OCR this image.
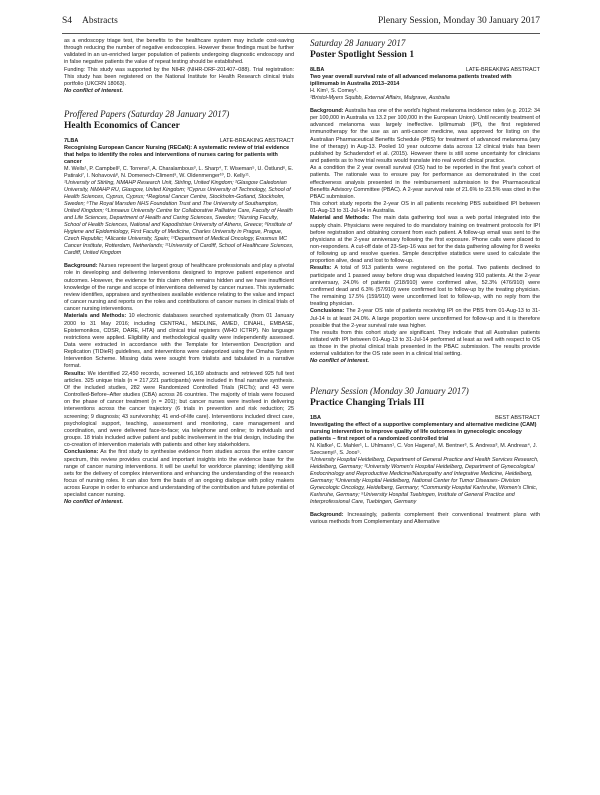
S4 Abstracts	Plenary Session, Monday 30 January 2017

as a endoscopy triage test, the benefits to the healthcare system may include cost-saving through reducing the number of negative endoscopies. However these findings must be further validated in an un-enriched larger population of patients undergoing diagnostic endoscopy and in false negative patients the value of repeat testing should be established.

Funding: This study was supported by the NIHR (NIHR-DRF-201407–088). Trial registration: This study has been registered on the National Institute for Health Research clinical trials portfolio (UKCRN 18063).

No conflict of interest.
Proffered Papers (Saturday 28 January 2017)
Health Economics of Cancer
7LBA	LATE-BREAKING ABSTRACT
Recognising European Cancer Nursing (RECaN): A systematic review of trial evidence that helps to identify the roles and interventions of nurses caring for patients with cancer
M. Wells¹, P. Campbell², C. Torrens², A. Charalambous³, L. Sharp⁴, T. Wiseman⁵, U. Östlund⁶, E. Patiraki⁷, I. Nohavová⁸, N. Domenech-Climent⁹, W. Oldenmenger¹⁰, D. Kelly¹¹.
¹University of Stirling, NMAHP Research Unit, Stirling, United Kingdom; ²Glasgow Caledonian University, NMAHP RU, Glasgow, United Kingdom; ³Cyprus University of Technology, School of Health Sciences, Cyprus, Cyprus; ⁴Regional Cancer Centre, Stockholm-Gotland, Stockholm, Sweden; ⁵The Royal Marsden NHS Foundation Trust and The University of Southampton, United Kingdom; ⁶Linnaeus University Centre for Collaborative Palliative Care, Faculty of Health and Life Sciences, Department of Health and Caring Sciences, Sweden; ⁷Nursing Faculty, School of Health Sciences, National and Kapodistrian University of Athens, Greece; ⁸Institute of Hygiene and Epidemiology, First Faculty of Medicine, Charles University in Prague, Prague, Czech Republic; ⁹Alicante University, Spain; ¹⁰Department of Medical Oncology, Erasmus MC Cancer Institute, Rotterdam, Netherlands; ¹¹University of Cardiff, School of Healthcare Sciences, Cardiff, United Kingdom

Background: Nurses represent the largest group of healthcare professionals and play a pivotal role in developing and delivering interventions designed to improve patient experience and outcomes. However, the evidence for this claim often remains hidden and we have insufficient knowledge of the range and scope of interventions delivered by cancer nurses. This systematic review identifies, appraises and synthesises available evidence relating to the value and impact of cancer nursing and reports on the roles and contributions of cancer nurses in clinical trials of cancer nursing interventions.

Materials and Methods: 10 electronic databases searched systematically (from 01 January 2000 to 31 May 2016; including CENTRAL, MEDLINE, AMED, CINAHL, EMBASE, Epistemonikos, CDSR, DARE, HTA) and clinical trial registers (WHO ICTRP). No language restrictions were applied. Eligibility and methodological quality were independently assessed. Data were extracted in accordance with the Template for Intervention Description and Replication (TIDieR) guidelines, and interventions were categorized using the Omaha System Intervention Scheme. Missing data were sought from trialists and tabulated in a narrative format.

Results: We identified 22,450 records, screened 16,169 abstracts and retrieved 925 full text articles. 325 unique trials (n = 217,221 participants) were included in final narrative synthesis. Of the included studies, 282 were Randomized Controlled Trials (RCTs); and 43 were Controlled-Before–After studies (CBA) across 26 countries. The majority of trials were focused on the phase of cancer treatment (n = 201); but cancer nurses were involved in delivering interventions across the cancer trajectory (6 trials in prevention and risk reduction; 25 screening; 9 diagnosis; 43 survivorship; 41 end-of-life care). Interventions included direct care, psychological support, teaching, assessment and monitoring, care management and coordination, and were delivered face-to-face; via telephone and online; to individuals and groups. 18 trials included active patient and public involvement in the trial design, including the co-creation of intervention materials with patients and other key stakeholders.

Conclusions: As the first study to synthesise evidence from studies across the entire cancer spectrum, this review provides crucial and important insights into the evidence base for the range of cancer nursing interventions. It will be useful for workforce planning; identifying skill sets for the delivery of complex interventions and enhancing the understanding of the research focus of nursing roles. It can also form the basis of an ongoing dialogue with policy makers across Europe in order to enhance and understanding of the contribution and future potential of specialist cancer nursing.

No conflict of interest.
Saturday 28 January 2017
Poster Spotlight Session 1
8LBA	LATE-BREAKING ABSTRACT
Two year overall survival rate of all advanced melanoma patients treated with ipilimumab in Australia 2013–2014
H. Kim¹, S. Comey¹.
¹Bristol-Myers Squibb, External Affairs, Mulgrave, Australia

Background: Australia has one of the world's highest melanoma incidence rates (e.g. 2012: 34 per 100,000 in Australia vs 13.2 per 100,000 in the European Union). Until recently treatment of advanced melanoma was largely ineffective. Ipilimumab (IPI), the first registered immunotherapy for the use as an anti-cancer medicine, was approved for listing on the Australian Pharmaceutical Benefits Schedule (PBS) for treatment of advanced melanoma (any line of therapy) in Aug-13. Pooled 10 year outcome data across 12 clinical trials has been published by Schadendorf et al. (2015). However there is still some uncertainty for clinicians and patients as to how trial results would translate into real world clinical practice.

As a condition the 2 year overall survival (OS) had to be reported in the first year's cohort of patients. The rationale was to ensure pay for performance as demonstrated in the cost effectiveness analysis presented in the reimbursement submission to the Pharmaceutical Benefits Advisory Committee (PBAC). A 2-year survival rate of 21.6% to 23.5% was cited in the PBAC submission.

This cohort study reports the 2-year OS in all patients receiving PBS subsidised IPI between 01-Aug-13 to 31-Jul-14 in Australia.

Material and Methods: The main data gathering tool was a web portal integrated into the supply chain. Physicians were required to do mandatory training on treatment protocols for IPI before registration and obtaining consent from each patient. A follow-up email was sent to the physicians at the 2-year anniversary following the first exposure. Phone calls were placed to non-responders. A cut-off date of 23-Sep-16 was set for the data gathering allowing for 8 weeks of following up and resolve queries. Simple descriptive statistics were used to calculate the proportion alive, dead and lost to follow-up.

Results: A total of 913 patients were registered on the portal. Two patients declined to participate and 1 passed away before drug was dispatched leaving 910 patients. At the 2-year anniversary, 24.0% of patients (218/910) were confirmed alive, 52.3% (476/910) were confirmed dead and 6.3% (57/910) were confirmed lost to follow-up by the treating physician. The remaining 17.5% (159/910) were unconfirmed lost to follow-up, with no reply from the treating physician.

Conclusions: The 2-year OS rate of patients receiving IPI on the PBS from 01-Aug-13 to 31-Jul-14 is at least 24.0%. A large proportion were unconfirmed for follow-up and it is therefore possible that the 2-year survival rate was higher.

The results from this cohort study are significant. They indicate that all Australian patients initiated with IPI between 01-Aug-13 to 31-Jul-14 performed at least as well with respect to OS as those in the pivotal clinical trials presented in the PBAC submission. The results provide external validation for the OS rate seen in a clinical trial setting.

No conflict of interest.
Plenary Session (Monday 30 January 2017)
Practice Changing Trials III
1BA	BEST ABSTRACT
Investigating the effect of a supportive complementary and alternative medicine (CAM) nursing intervention to improve quality of life outcomes in gynecologic oncology patients – first report of a randomized controlled trial
N. Klafke¹, C. Mahler¹, L. Uhlmann¹, C. Von Hagens², M. Bentner³, S. Andress³, M. Andreas⁴, J. Szecsenyi¹, S. Joos⁵.
¹University Hospital Heidelberg, Department of General Practice and Health Services Research, Heidelberg, Germany; ²University Women's Hospital Heidelberg, Department of Gynecological Endocrinology and Reproductive Medicine/Naturopathy and Integrative Medicine, Heidelberg, Germany; ³University Hospital Heidelberg, National Center for Tumor Diseases- Division Gynecologic Oncology, Heidelberg, Germany; ⁴Community Hospital Karlsruhe, Women's Clinic, Karlsruhe, Germany; ⁵University Hospital Tuebingen, Institute of General Practice and Interprofessional Care, Tuebingen, Germany

Background: Increasingly, patients complement their conventional treatment plans with various methods from Complementary and Alternative
